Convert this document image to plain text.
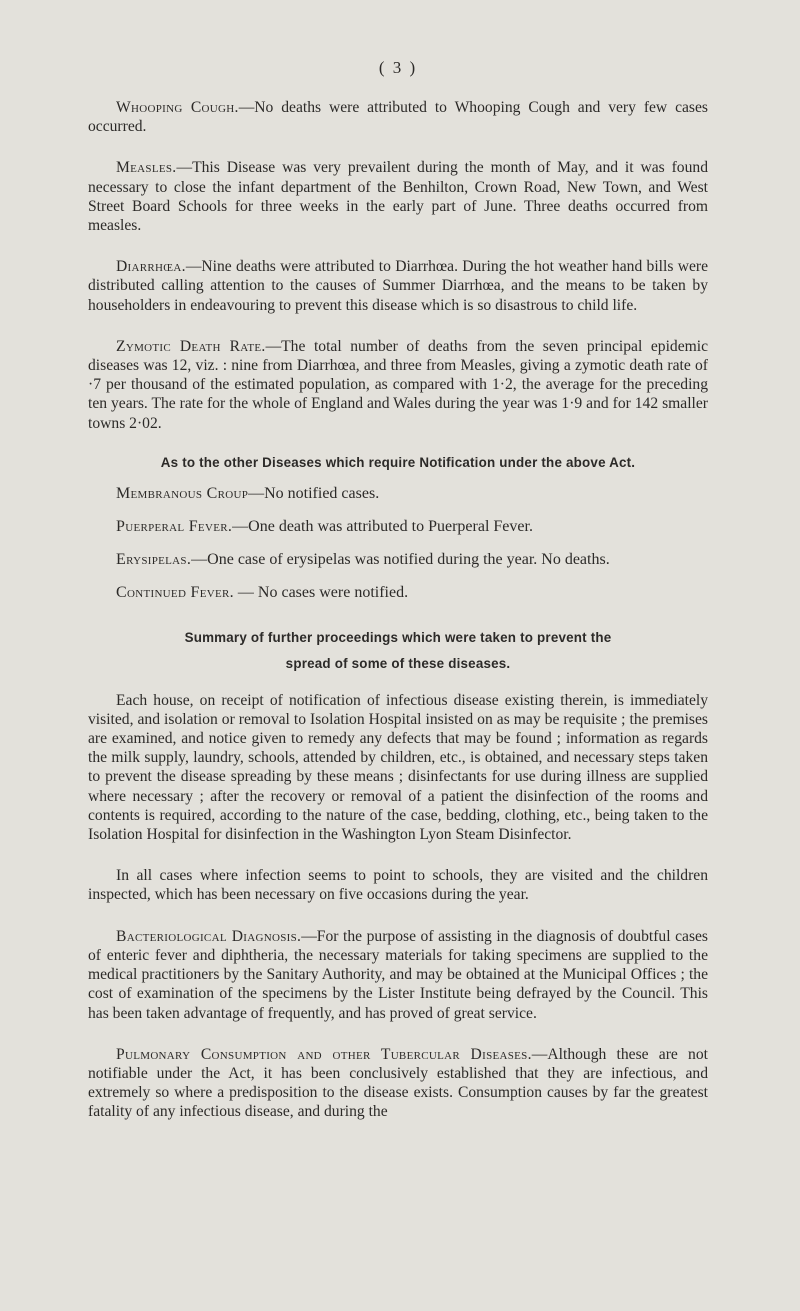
( 3 )

Whooping Cough.—No deaths were attributed to Whooping Cough and very few cases occurred.

Measles.—This Disease was very prevailent during the month of May, and it was found necessary to close the infant department of the Benhilton, Crown Road, New Town, and West Street Board Schools for three weeks in the early part of June. Three deaths occurred from measles.

Diarrhœa.—Nine deaths were attributed to Diarrhœa. During the hot weather hand bills were distributed calling attention to the causes of Summer Diarrhœa, and the means to be taken by householders in endeavouring to prevent this disease which is so disastrous to child life.

Zymotic Death Rate.—The total number of deaths from the seven principal epidemic diseases was 12, viz. : nine from Diarrhœa, and three from Measles, giving a zymotic death rate of ·7 per thousand of the estimated population, as compared with 1·2, the average for the preceding ten years. The rate for the whole of England and Wales during the year was 1·9 and for 142 smaller towns 2·02.

As to the other Diseases which require Notification under the above Act.

Membranous Croup—No notified cases.

Puerperal Fever.—One death was attributed to Puerperal Fever.

Erysipelas.—One case of erysipelas was notified during the year. No deaths.

Continued Fever. — No cases were notified.

Summary of further proceedings which were taken to prevent the
spread of some of these diseases.

Each house, on receipt of notification of infectious disease existing therein, is immediately visited, and isolation or removal to Isolation Hospital insisted on as may be requisite ; the premises are examined, and notice given to remedy any defects that may be found ; information as regards the milk supply, laundry, schools, attended by children, etc., is obtained, and necessary steps taken to prevent the disease spreading by these means ; disinfectants for use during illness are supplied where necessary ; after the recovery or removal of a patient the disinfection of the rooms and contents is required, according to the nature of the case, bedding, clothing, etc., being taken to the Isolation Hospital for disinfection in the Washington Lyon Steam Disinfector.

In all cases where infection seems to point to schools, they are visited and the children inspected, which has been necessary on five occasions during the year.

Bacteriological Diagnosis.—For the purpose of assisting in the diagnosis of doubtful cases of enteric fever and diphtheria, the necessary materials for taking specimens are supplied to the medical practitioners by the Sanitary Authority, and may be obtained at the Municipal Offices ; the cost of examination of the specimens by the Lister Institute being defrayed by the Council. This has been taken advantage of frequently, and has proved of great service.

Pulmonary Consumption and other Tubercular Diseases.—Although these are not notifiable under the Act, it has been conclusively established that they are infectious, and extremely so where a predisposition to the disease exists. Consumption causes by far the greatest fatality of any infectious disease, and during the
